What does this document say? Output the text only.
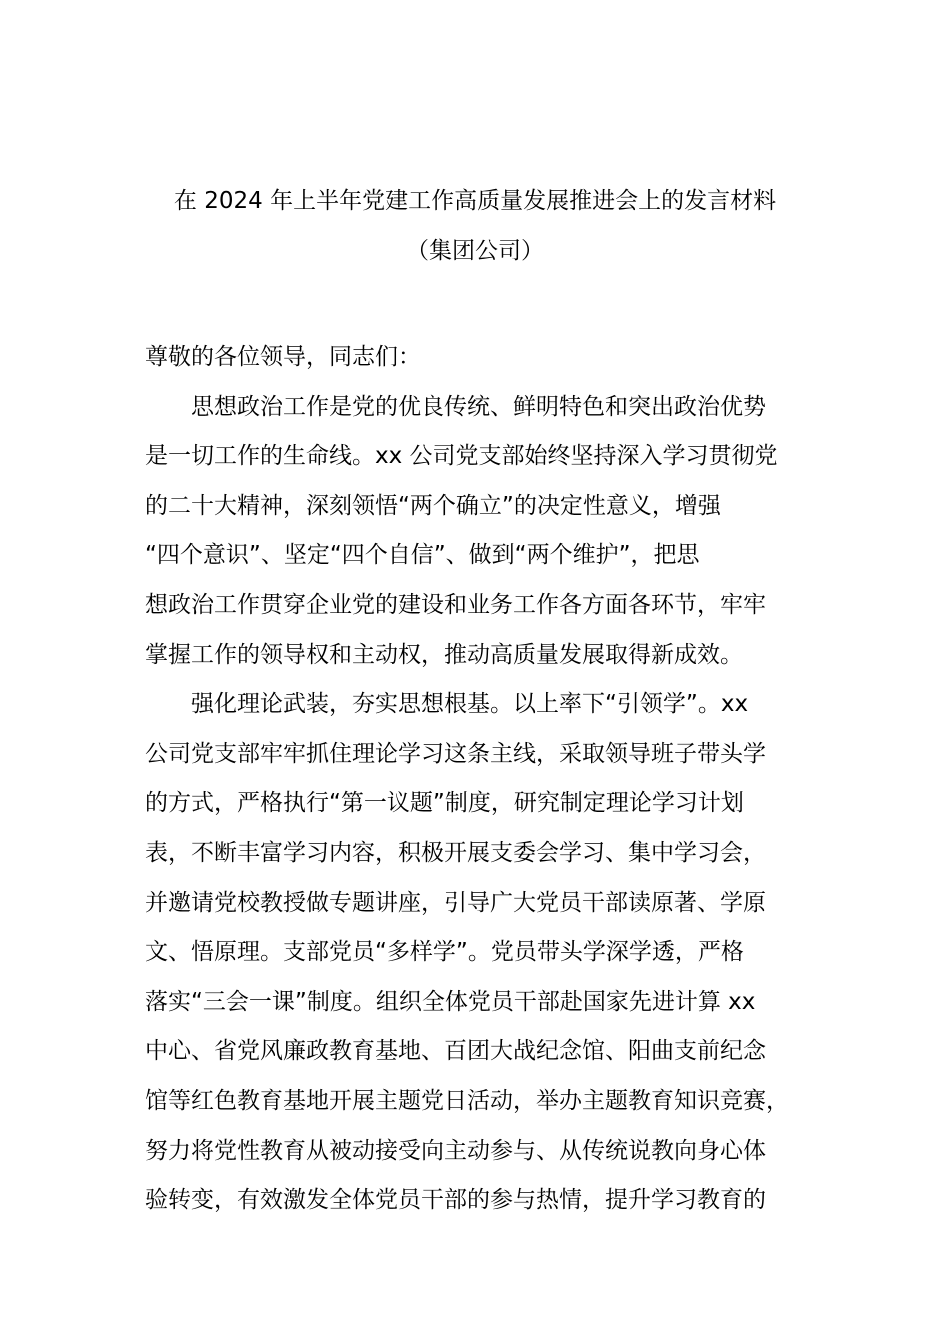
在 2024 年上半年党建工作高质量发展推进会上的发言材料
（集团公司）
尊敬的各位领导，同志们：
　　思想政治工作是党的优良传统、鲜明特色和突出政治优势
是一切工作的生命线。xx 公司党支部始终坚持深入学习贯彻党
的二十大精神，深刻领悟“两个确立”的决定性意义，增强
“四个意识”、坚定“四个自信”、做到“两个维护”，把思
想政治工作贯穿企业党的建设和业务工作各方面各环节，牢牢
掌握工作的领导权和主动权，推动高质量发展取得新成效。
　　强化理论武装，夯实思想根基。以上率下“引领学”。xx
公司党支部牢牢抓住理论学习这条主线，采取领导班子带头学
的方式，严格执行“第一议题”制度，研究制定理论学习计划
表，不断丰富学习内容，积极开展支委会学习、集中学习会，
并邀请党校教授做专题讲座，引导广大党员干部读原著、学原
文、悟原理。支部党员“多样学”。党员带头学深学透，严格
落实“三会一课”制度。组织全体党员干部赴国家先进计算 xx
中心、省党风廉政教育基地、百团大战纪念馆、阳曲支前纪念
馆等红色教育基地开展主题党日活动，举办主题教育知识竞赛，
努力将党性教育从被动接受向主动参与、从传统说教向身心体
验转变，有效激发全体党员干部的参与热情，提升学习教育的
